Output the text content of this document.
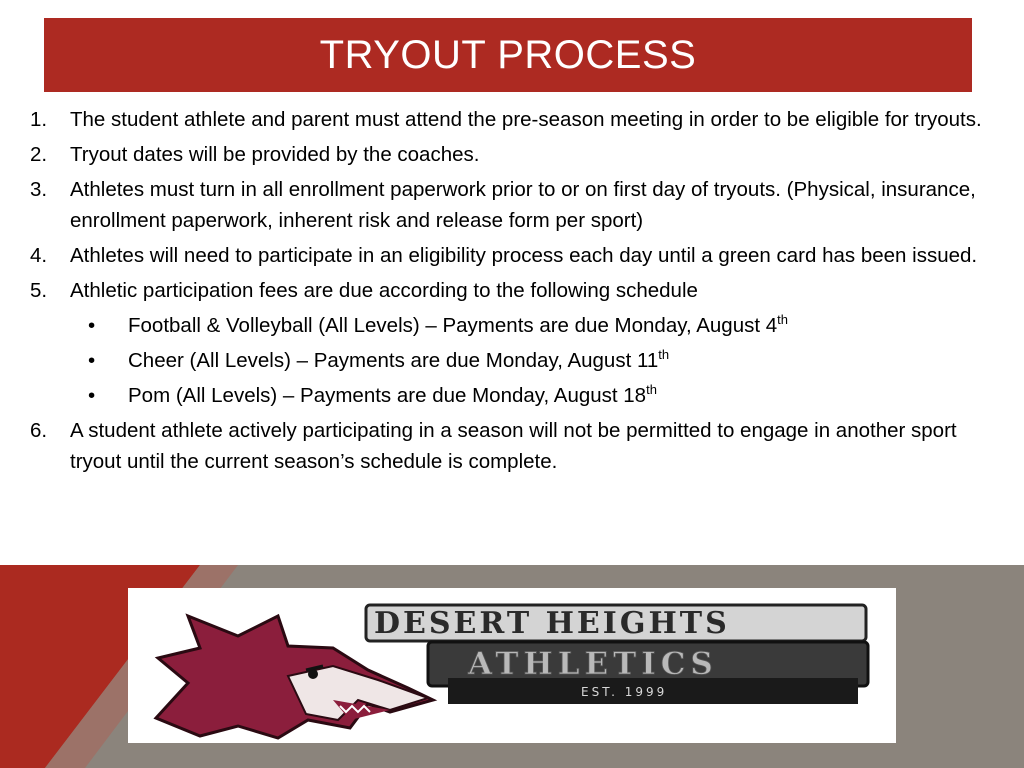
TRYOUT PROCESS
1.	The student athlete and parent must attend the pre-season meeting in order to be eligible for tryouts.
2.	Tryout dates will be provided by the coaches.
3.	Athletes must turn in all enrollment paperwork prior to or on first day of tryouts. (Physical, insurance, enrollment paperwork, inherent risk and release form per sport)
4.	Athletes will need to participate in an eligibility process each day until a green card has been issued.
5.	Athletic participation fees are due according to the following schedule
•	Football & Volleyball (All Levels) – Payments are due Monday, August 4th
•	Cheer (All Levels) – Payments are due Monday, August 11th
•	Pom (All Levels) – Payments are due Monday, August 18th
6.	A student athlete actively participating in a season will not be permitted to engage in another sport tryout until the current season’s schedule is complete.
DESERT HEIGHTS
ATHLETICS
EST. 1999
